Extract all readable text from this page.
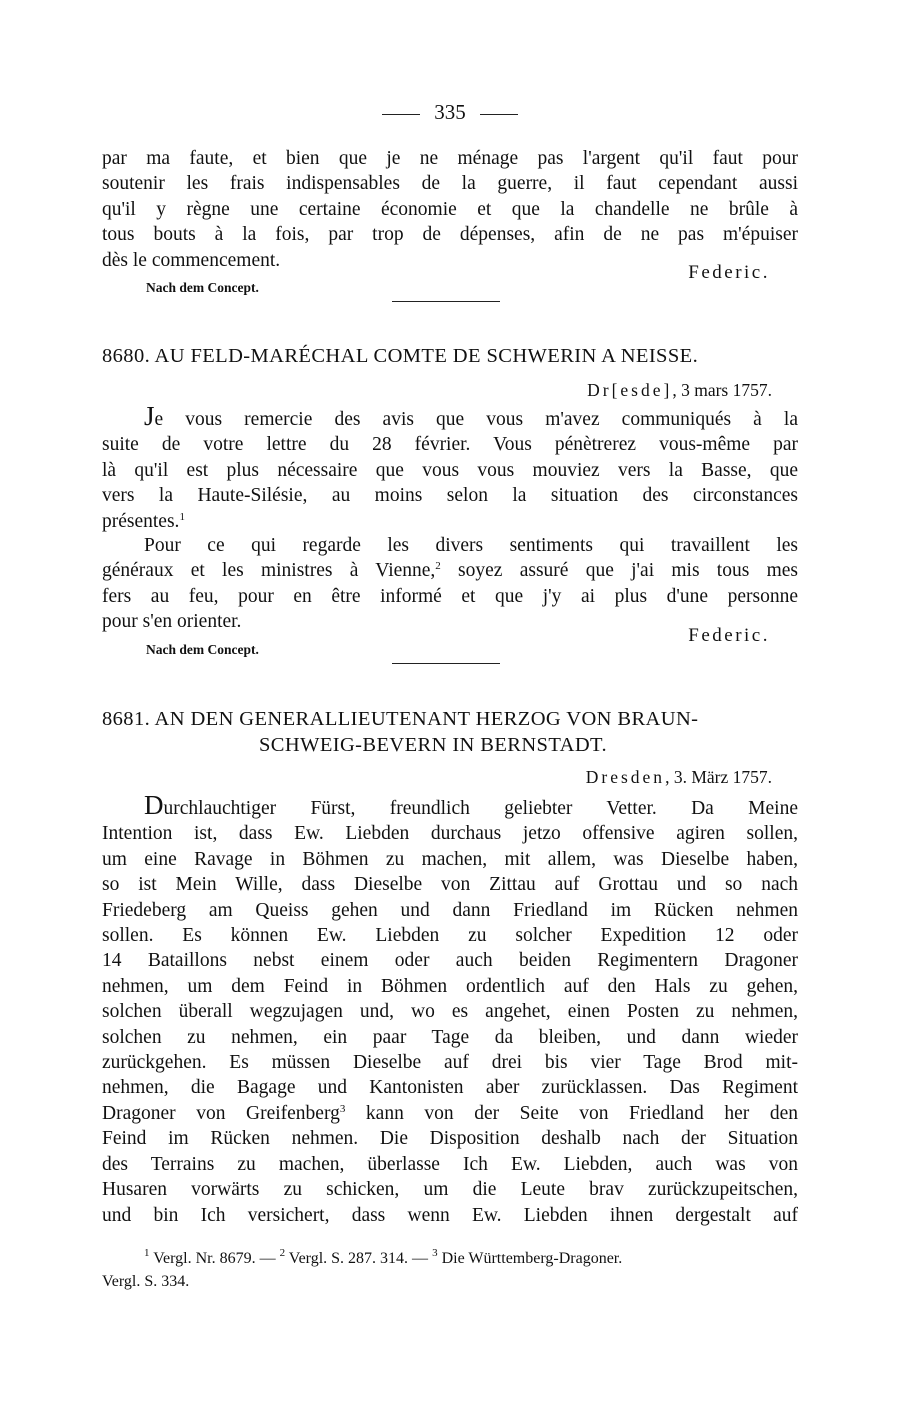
335
par ma faute, et bien que je ne ménage pas l'argent qu'il faut pour
soutenir les frais indispensables de la guerre, il faut cependant aussi
qu'il y règne une certaine économie et que la chandelle ne brûle à
tous bouts à la fois, par trop de dépenses, afin de ne pas m'épuiser
dès le commencement.
Federic.
Nach dem Concept.
8680. AU FELD-MARÉCHAL COMTE DE SCHWERIN A NEISSE.
Dr[esde], 3 mars 1757.
Je vous remercie des avis que vous m'avez communiqués à la
suite de votre lettre du 28 février. Vous pénètrerez vous-même par
là qu'il est plus nécessaire que vous vous mouviez vers la Basse, que
vers la Haute-Silésie, au moins selon la situation des circonstances
présentes.$^1$
Pour ce qui regarde les divers sentiments qui travaillent les
généraux et les ministres à Vienne,$^2$ soyez assuré que j'ai mis tous mes
fers au feu, pour en être informé et que j'y ai plus d'une personne
pour s'en orienter.
Federic.
Nach dem Concept.
8681. AN DEN GENERALLIEUTENANT HERZOG VON BRAUN-
SCHWEIG-BEVERN IN BERNSTADT.
Dresden, 3. März 1757.
Durchlauchtiger Fürst, freundlich geliebter Vetter. Da Meine
Intention ist, dass Ew. Liebden durchaus jetzo offensive agiren sollen,
um eine Ravage in Böhmen zu machen, mit allem, was Dieselbe haben,
so ist Mein Wille, dass Dieselbe von Zittau auf Grottau und so nach
Friedeberg am Queiss gehen und dann Friedland im Rücken nehmen
sollen. Es können Ew. Liebden zu solcher Expedition 12 oder
14 Bataillons nebst einem oder auch beiden Regimentern Dragoner
nehmen, um dem Feind in Böhmen ordentlich auf den Hals zu gehen,
solchen überall wegzujagen und, wo es angehet, einen Posten zu nehmen,
solchen zu nehmen, ein paar Tage da bleiben, und dann wieder
zurückgehen. Es müssen Dieselbe auf drei bis vier Tage Brod mit-
nehmen, die Bagage und Kantonisten aber zurücklassen. Das Regiment
Dragoner von Greifenberg$^3$ kann von der Seite von Friedland her den
Feind im Rücken nehmen. Die Disposition deshalb nach der Situation
des Terrains zu machen, überlasse Ich Ew. Liebden, auch was von
Husaren vorwärts zu schicken, um die Leute brav zurückzupeitschen,
und bin Ich versichert, dass wenn Ew. Liebden ihnen dergestalt auf
$^1$ Vergl. Nr. 8679. — $^2$ Vergl. S. 287. 314. — $^3$ Die Württemberg-Dragoner.
Vergl. S. 334.
